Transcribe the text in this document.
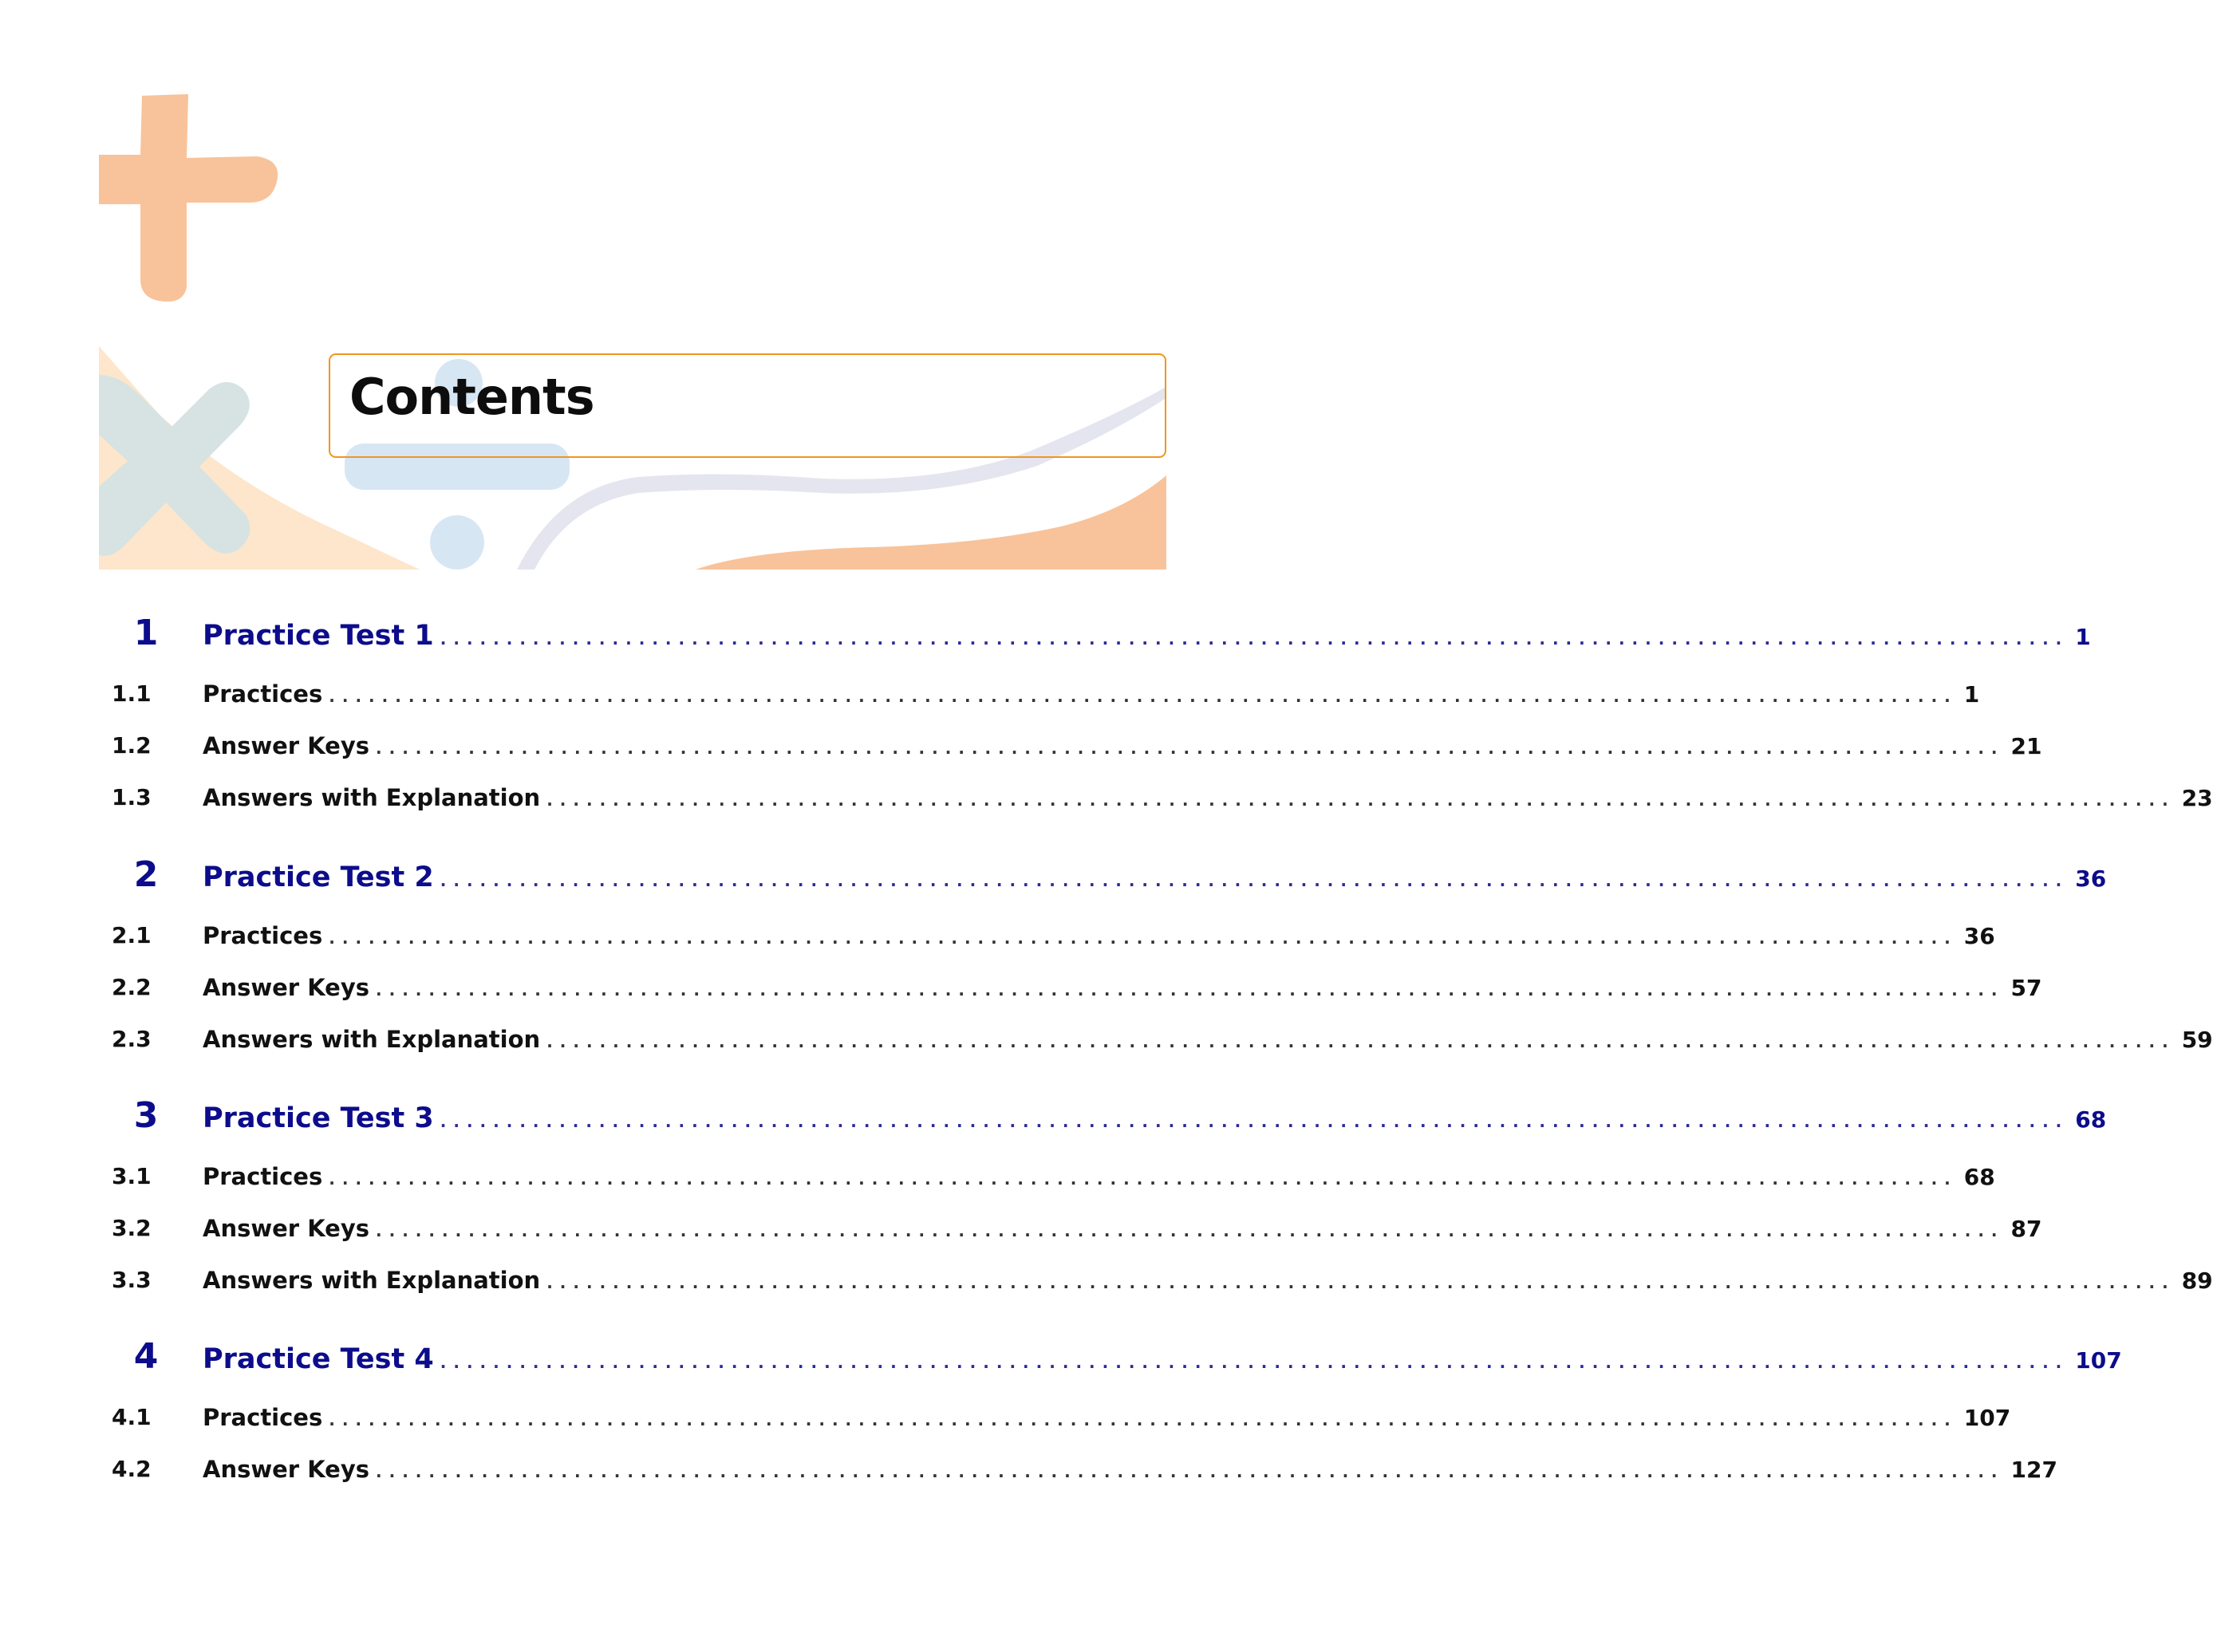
Contents
1	Practice Test 1 ........................................................................................................................... 1
1.1	Practices ........................................................................................................................... 1
1.2	Answer Keys ........................................................................................................................... 21
1.3	Answers with Explanation ........................................................................................................................... 23
2	Practice Test 2 ........................................................................................................................... 36
2.1	Practices ........................................................................................................................... 36
2.2	Answer Keys ........................................................................................................................... 57
2.3	Answers with Explanation ........................................................................................................................... 59
3	Practice Test 3 ........................................................................................................................... 68
3.1	Practices ........................................................................................................................... 68
3.2	Answer Keys ........................................................................................................................... 87
3.3	Answers with Explanation ........................................................................................................................... 89
4	Practice Test 4 ........................................................................................................................... 107
4.1	Practices ........................................................................................................................... 107
4.2	Answer Keys ........................................................................................................................... 127
